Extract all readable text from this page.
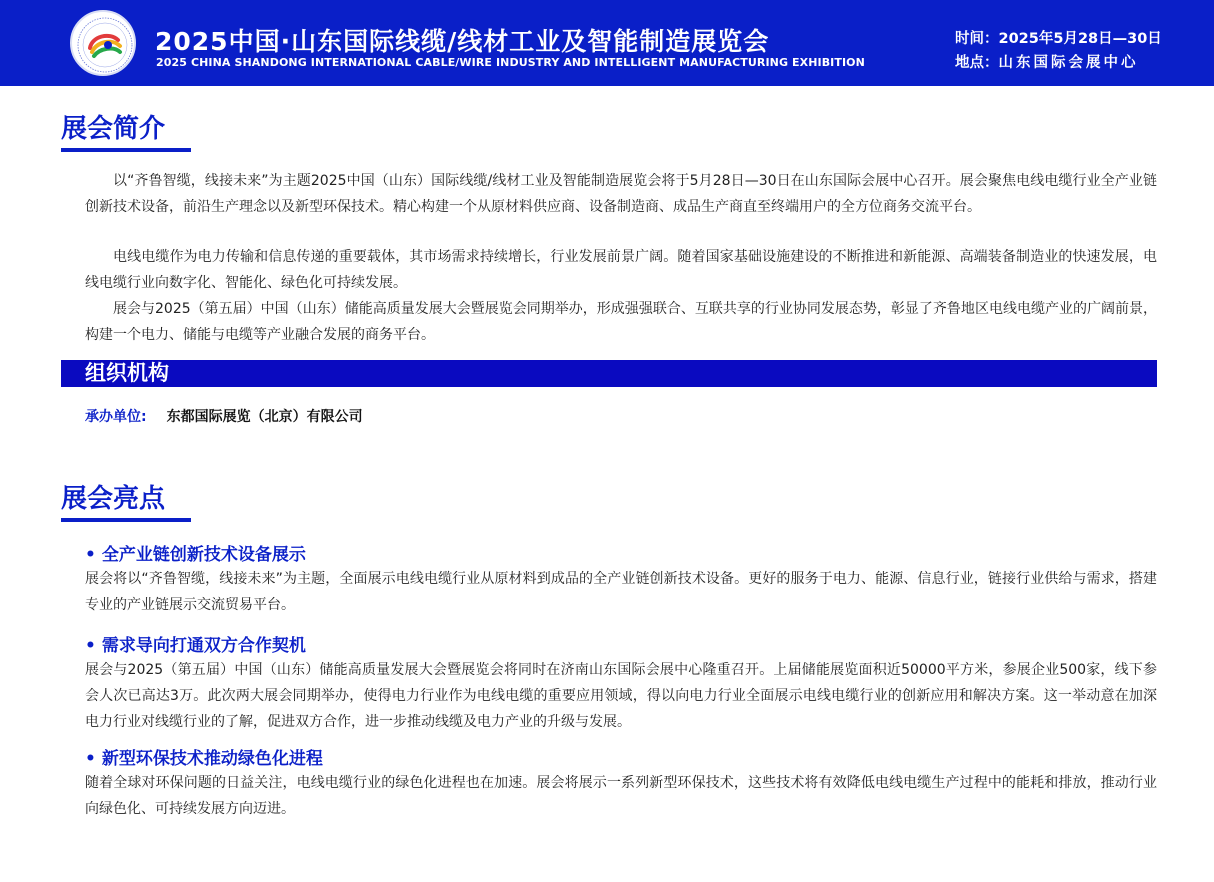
2025中国·山东国际线缆/线材工业及智能制造展览会
2025 CHINA SHANDONG INTERNATIONAL CABLE/WIRE INDUSTRY AND INTELLIGENT MANUFACTURING EXHIBITION
时间：2025年5月28日—30日
地点：山东国际会展中心
展会简介

以“齐鲁智缆，线接未来”为主题2025中国（山东）国际线缆/线材工业及智能制造展览会将于5月28日—30日在山东国际会展中心召开。展会聚焦电线电缆行业全产业链创新技术设备，前沿生产理念以及新型环保技术。精心构建一个从原材料供应商、设备制造商、成品生产商直至终端用户的全方位商务交流平台。

电线电缆作为电力传输和信息传递的重要载体，其市场需求持续增长，行业发展前景广阔。随着国家基础设施建设的不断推进和新能源、高端装备制造业的快速发展，电线电缆行业向数字化、智能化、绿色化可持续发展。

展会与2025（第五届）中国（山东）储能高质量发展大会暨展览会同期举办，形成强强联合、互联共享的行业协同发展态势，彰显了齐鲁地区电线电缆产业的广阔前景，构建一个电力、储能与电缆等产业融合发展的商务平台。

组织机构
承办单位: 东都国际展览（北京）有限公司
展会亮点
• 全产业链创新技术设备展示

展会将以“齐鲁智缆，线接未来”为主题，全面展示电线电缆行业从原材料到成品的全产业链创新技术设备。更好的服务于电力、能源、信息行业，链接行业供给与需求，搭建专业的产业链展示交流贸易平台。

• 需求导向打通双方合作契机

展会与2025（第五届）中国（山东）储能高质量发展大会暨展览会将同时在济南山东国际会展中心隆重召开。上届储能展览面积近50000平方米，参展企业500家，线下参会人次已高达3万。此次两大展会同期举办，使得电力行业作为电线电缆的重要应用领域，得以向电力行业全面展示电线电缆行业的创新应用和解决方案。这一举动意在加深电力行业对线缆行业的了解，促进双方合作，进一步推动线缆及电力产业的升级与发展。

• 新型环保技术推动绿色化进程

随着全球对环保问题的日益关注，电线电缆行业的绿色化进程也在加速。展会将展示一系列新型环保技术，这些技术将有效降低电线电缆生产过程中的能耗和排放，推动行业向绿色化、可持续发展方向迈进。
